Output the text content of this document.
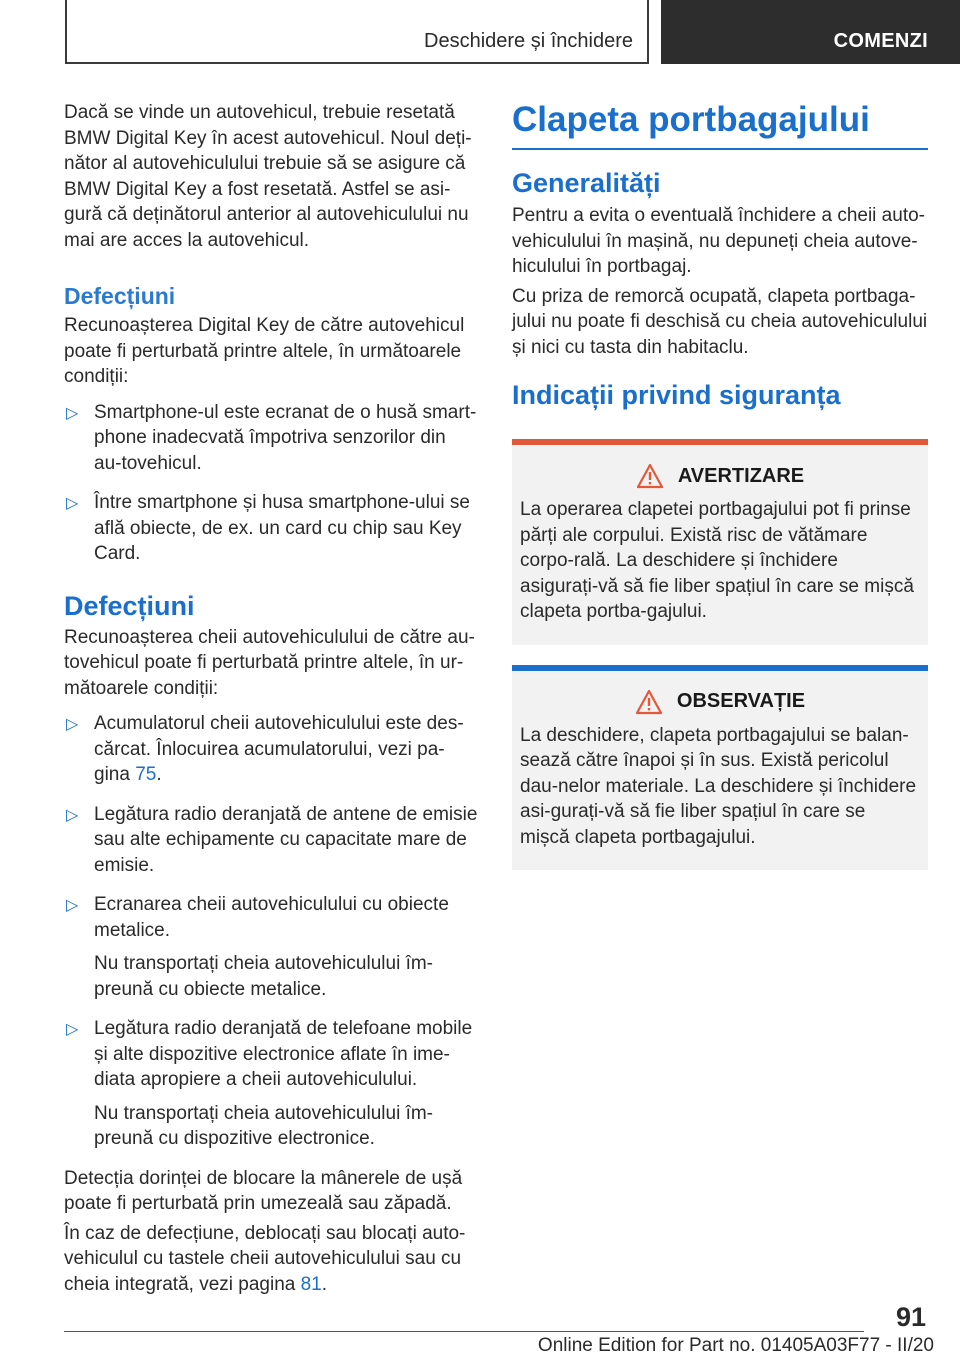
Deschidere și închidere	COMENZI

Dacă se vinde un autovehicul, trebuie resetată BMW Digital Key în acest autovehicul. Noul deți-nător al autovehiculului trebuie să se asigure că BMW Digital Key a fost resetată. Astfel se asi-gură că deținătorul anterior al autovehiculului nu mai are acces la autovehicul.

Defecțiuni

Recunoașterea Digital Key de către autovehicul poate fi perturbată printre altele, în următoarele condiții:

▷ Smartphone-ul este ecranat de o husă smart-phone inadecvată împotriva senzorilor din au-tovehicul.
▷ Între smartphone și husa smartphone-ului se află obiecte, de ex. un card cu chip sau Key Card.
Defecțiuni

Recunoașterea cheii autovehiculului de către au-tovehicul poate fi perturbată printre altele, în ur-mătoarele condiții:

▷ Acumulatorul cheii autovehiculului este des-cărcat. Înlocuirea acumulatorului, vezi pa-gina 75.
▷ Legătura radio deranjată de antene de emisie sau alte echipamente cu capacitate mare de emisie.
▷ Ecranarea cheii autovehiculului cu obiecte metalice.
Nu transportați cheia autovehiculului îm-preună cu obiecte metalice.
▷ Legătura radio deranjată de telefoane mobile și alte dispozitive electronice aflate în ime-diata apropiere a cheii autovehiculului.
Nu transportați cheia autovehiculului îm-preună cu dispozitive electronice.

Detecția dorinței de blocare la mânerele de ușă poate fi perturbată prin umezeală sau zăpadă.

În caz de defecțiune, deblocați sau blocați auto-vehiculul cu tastele cheii autovehiculului sau cu cheia integrată, vezi pagina 81.

Clapeta portbagajului
Generalități

Pentru a evita o eventuală închidere a cheii auto-vehiculului în mașină, nu depuneți cheia autove-hiculului în portbagaj.

Cu priza de remorcă ocupată, clapeta portbaga-jului nu poate fi deschisă cu cheia autovehiculului și nici cu tasta din habitaclu.

Indicații privind siguranța
AVERTIZARE

La operarea clapetei portbagajului pot fi prinse părți ale corpului. Există risc de vătămare corpo-rală. La deschidere și închidere asigurați-vă să fie liber spațiul în care se mișcă clapeta portba-gajului.

OBSERVAȚIE

La deschidere, clapeta portbagajului se balan-sează către înapoi și în sus. Există pericolul dau-nelor materiale. La deschidere și închidere asi-gurați-vă să fie liber spațiul în care se mișcă clapeta portbagajului.

91
Online Edition for Part no. 01405A03F77 - II/20
